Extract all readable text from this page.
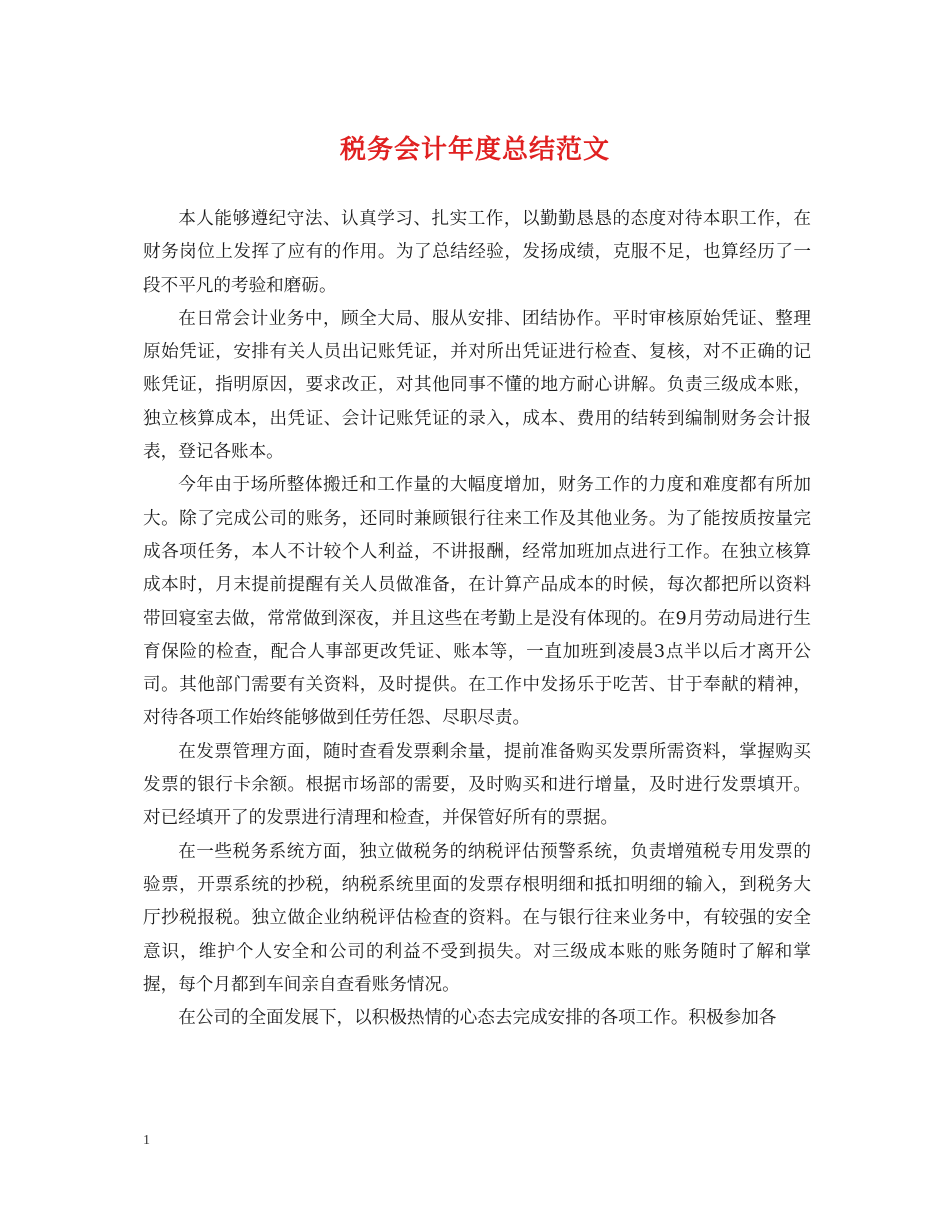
税务会计年度总结范文

本人能够遵纪守法、认真学习、扎实工作，以勤勤恳恳的态度对待本职工作，在财务岗位上发挥了应有的作用。为了总结经验，发扬成绩，克服不足，也算经历了一段不平凡的考验和磨砺。

在日常会计业务中，顾全大局、服从安排、团结协作。平时审核原始凭证、整理原始凭证，安排有关人员出记账凭证，并对所出凭证进行检查、复核，对不正确的记账凭证，指明原因，要求改正，对其他同事不懂的地方耐心讲解。负责三级成本账，独立核算成本，出凭证、会计记账凭证的录入，成本、费用的结转到编制财务会计报表，登记各账本。

今年由于场所整体搬迁和工作量的大幅度增加，财务工作的力度和难度都有所加大。除了完成公司的账务，还同时兼顾银行往来工作及其他业务。为了能按质按量完成各项任务，本人不计较个人利益，不讲报酬，经常加班加点进行工作。在独立核算成本时，月末提前提醒有关人员做准备，在计算产品成本的时候，每次都把所以资料带回寝室去做，常常做到深夜，并且这些在考勤上是没有体现的。在9月劳动局进行生育保险的检查，配合人事部更改凭证、账本等，一直加班到凌晨3点半以后才离开公司。其他部门需要有关资料，及时提供。在工作中发扬乐于吃苦、甘于奉献的精神，对待各项工作始终能够做到任劳任怨、尽职尽责。

在发票管理方面，随时查看发票剩余量，提前准备购买发票所需资料，掌握购买发票的银行卡余额。根据市场部的需要，及时购买和进行增量，及时进行发票填开。对已经填开了的发票进行清理和检查，并保管好所有的票据。

在一些税务系统方面，独立做税务的纳税评估预警系统，负责增殖税专用发票的验票，开票系统的抄税，纳税系统里面的发票存根明细和抵扣明细的输入，到税务大厅抄税报税。独立做企业纳税评估检查的资料。在与银行往来业务中，有较强的安全意识，维护个人安全和公司的利益不受到损失。对三级成本账的账务随时了解和掌握，每个月都到车间亲自查看账务情况。

在公司的全面发展下，以积极热情的心态去完成安排的各项工作。积极参加各

1
